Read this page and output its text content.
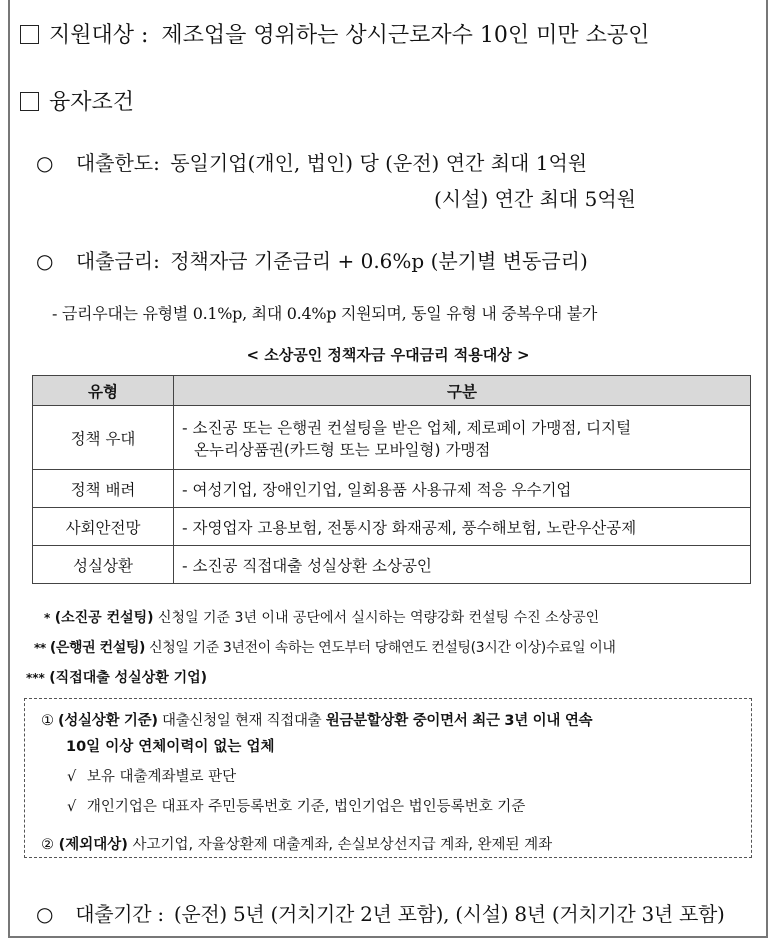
지원대상 : 제조업을 영위하는 상시근로자수 10인 미만 소공인
융자조건
○ 대출한도: 동일기업(개인, 법인) 당 (운전) 연간 최대 1억원
(시설) 연간 최대 5억원
○ 대출금리: 정책자금 기준금리 + 0.6%p (분기별 변동금리)
- 금리우대는 유형별 0.1%p, 최대 0.4%p 지원되며, 동일 유형 내 중복우대 불가
< 소상공인 정책자금 우대금리 적용대상 >
유형	구분
정책 우대	- 소진공 또는 은행권 컨설팅을 받은 업체, 제로페이 가맹점, 디지털
온누리상품권(카드형 또는 모바일형) 가맹점

정책 배려	- 여성기업, 장애인기업, 일회용품 사용규제 적응 우수기업
사회안전망	- 자영업자 고용보험, 전통시장 화재공제, 풍수해보험, 노란우산공제
성실상환	- 소진공 직접대출 성실상환 소상공인
* (소진공 컨설팅) 신청일 기준 3년 이내 공단에서 실시하는 역량강화 컨설팅 수진 소상공인
** (은행권 컨설팅) 신청일 기준 3년전이 속하는 연도부터 당해연도 컨설팅(3시간 이상)수료일 이내
*** (직접대출 성실상환 기업)
① (성실상환 기준) 대출신청일 현재 직접대출 원금분할상환 중이면서 최근 3년 이내 연속
10일 이상 연체이력이 없는 업체
√ 보유 대출계좌별로 판단
√ 개인기업은 대표자 주민등록번호 기준, 법인기업은 법인등록번호 기준
② (제외대상) 사고기업, 자율상환제 대출계좌, 손실보상선지급 계좌, 완제된 계좌
○ 대출기간 : (운전) 5년 (거치기간 2년 포함), (시설) 8년 (거치기간 3년 포함)
